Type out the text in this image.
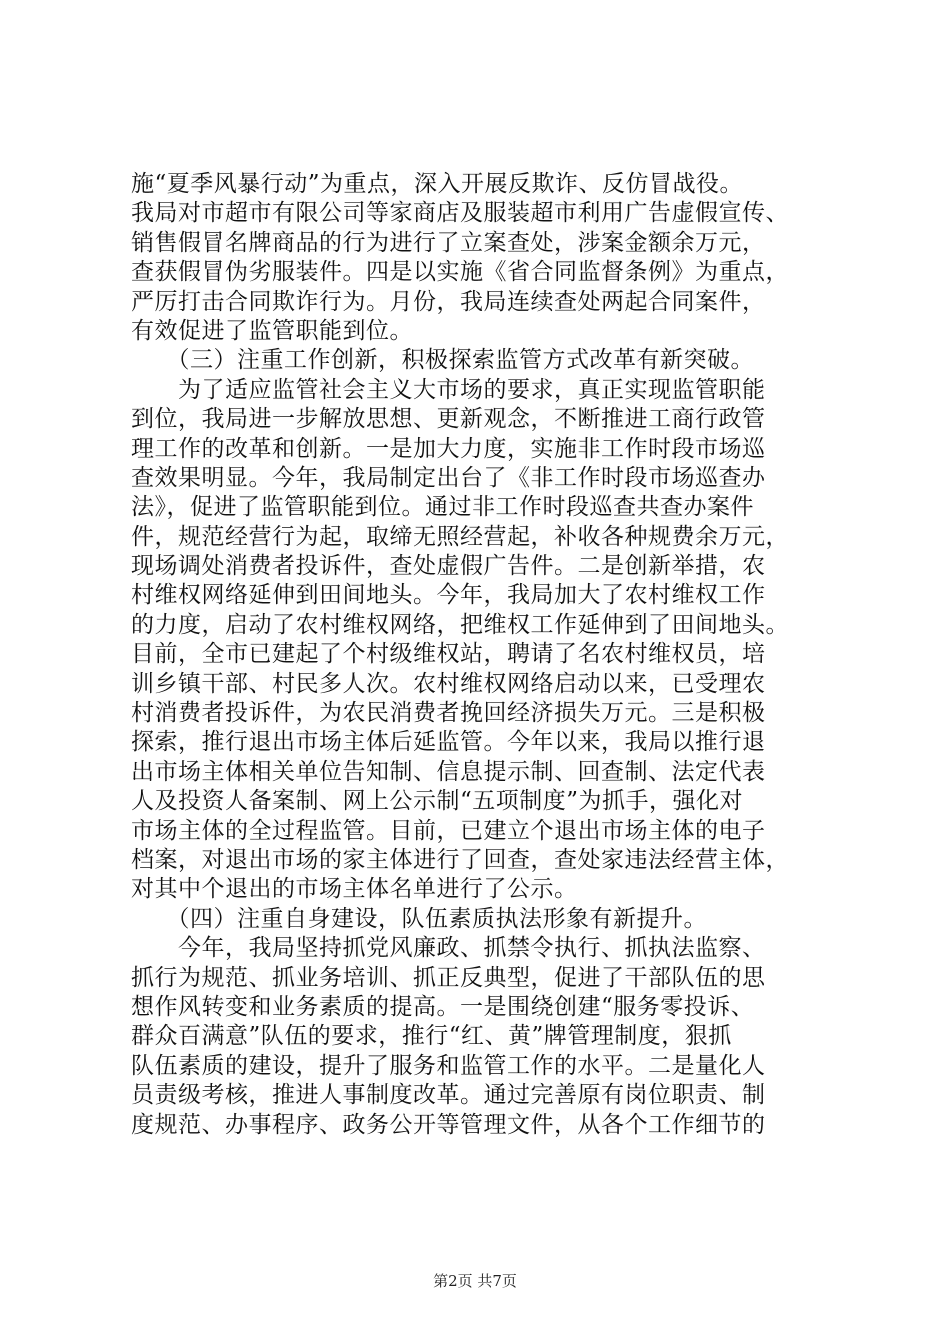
施“夏季风暴行动”为重点，深入开展反欺诈、反仿冒战役。
我局对市超市有限公司等家商店及服装超市利用广告虚假宣传、
销售假冒名牌商品的行为进行了立案查处，涉案金额余万元，
查获假冒伪劣服装件。四是以实施《省合同监督条例》为重点，
严厉打击合同欺诈行为。月份，我局连续查处两起合同案件，
有效促进了监管职能到位。
　　（三）注重工作创新，积极探索监管方式改革有新突破。
　　为了适应监管社会主义大市场的要求，真正实现监管职能
到位，我局进一步解放思想、更新观念，不断推进工商行政管
理工作的改革和创新。一是加大力度，实施非工作时段市场巡
查效果明显。今年，我局制定出台了《非工作时段市场巡查办
法》，促进了监管职能到位。通过非工作时段巡查共查办案件
件，规范经营行为起，取缔无照经营起，补收各种规费余万元，
现场调处消费者投诉件，查处虚假广告件。二是创新举措，农
村维权网络延伸到田间地头。今年，我局加大了农村维权工作
的力度，启动了农村维权网络，把维权工作延伸到了田间地头。
目前，全市已建起了个村级维权站，聘请了名农村维权员，培
训乡镇干部、村民多人次。农村维权网络启动以来，已受理农
村消费者投诉件，为农民消费者挽回经济损失万元。三是积极
探索，推行退出市场主体后延监管。今年以来，我局以推行退
出市场主体相关单位告知制、信息提示制、回查制、法定代表
人及投资人备案制、网上公示制“五项制度”为抓手，强化对
市场主体的全过程监管。目前，已建立个退出市场主体的电子
档案，对退出市场的家主体进行了回查，查处家违法经营主体，
对其中个退出的市场主体名单进行了公示。
　　（四）注重自身建设，队伍素质执法形象有新提升。
　　今年，我局坚持抓党风廉政、抓禁令执行、抓执法监察、
抓行为规范、抓业务培训、抓正反典型，促进了干部队伍的思
想作风转变和业务素质的提高。一是围绕创建“服务零投诉、
群众百满意”队伍的要求，推行“红、黄”牌管理制度，狠抓
队伍素质的建设，提升了服务和监管工作的水平。二是量化人
员责级考核，推进人事制度改革。通过完善原有岗位职责、制
度规范、办事程序、政务公开等管理文件，从各个工作细节的
第2页 共7页
